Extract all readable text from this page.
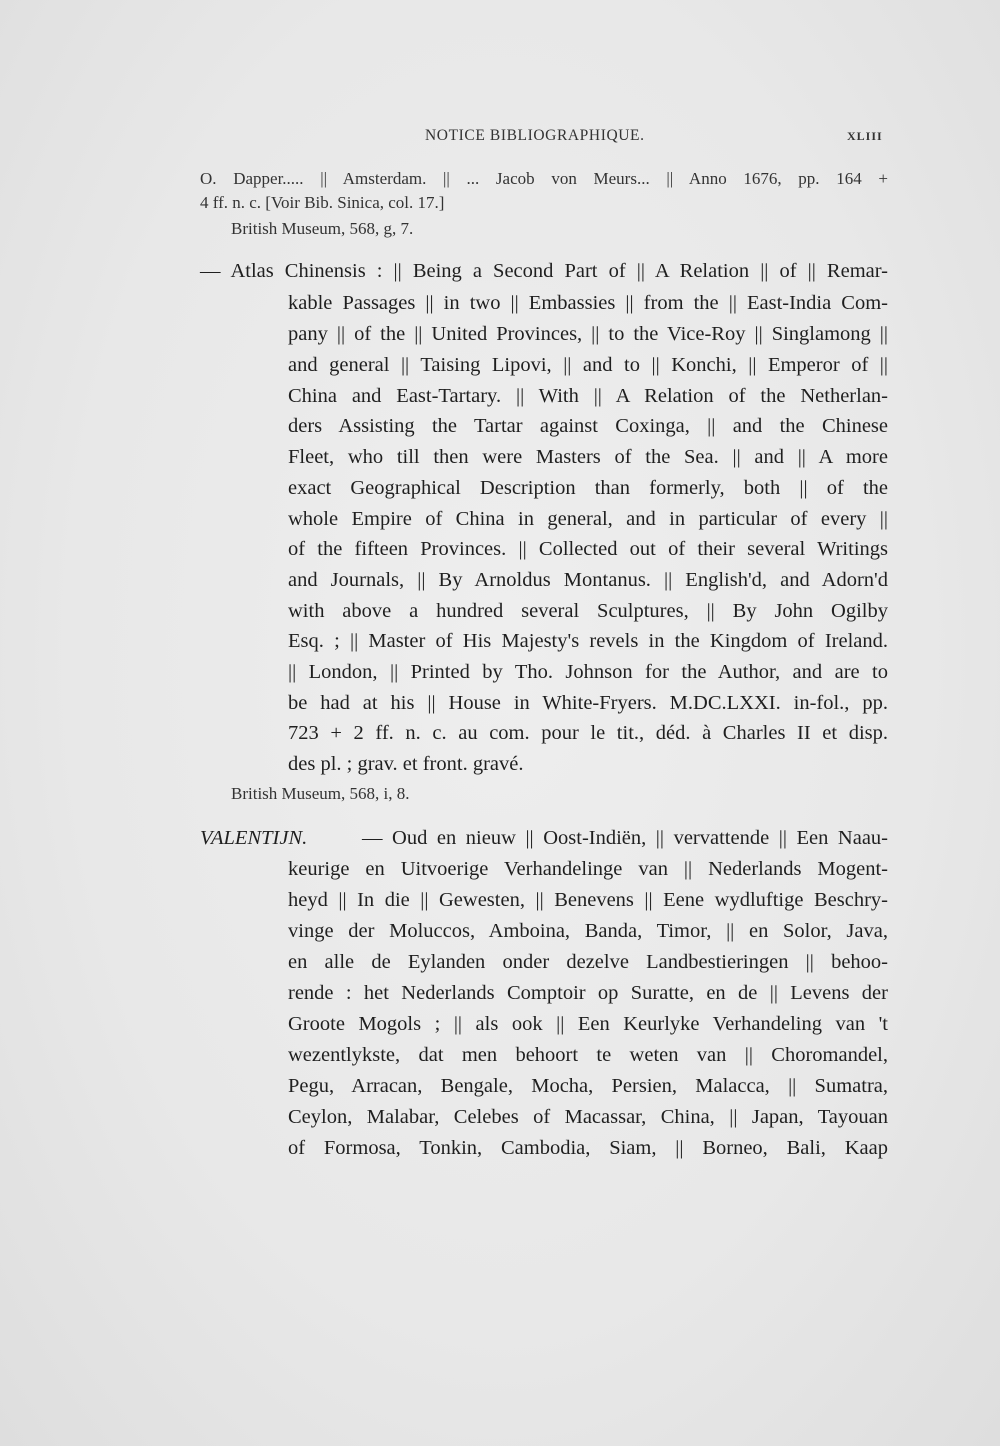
NOTICE BIBLIOGRAPHIQUE.	XLIII
O. Dapper..... || Amsterdam. || ... Jacob von Meurs... || Anno 1676, pp. 164 +
4 ff. n. c. [Voir Bib. Sinica, col. 17.]
British Museum, 568, g, 7.
— Atlas Chinensis : || Being a Second Part of || A Relation || of || Remar-
kable Passages || in two || Embassies || from the || East-India Com-
pany || of the || United Provinces, || to the Vice-Roy || Singlamong ||
and general || Taising Lipovi, || and to || Konchi, || Emperor of ||
China and East-Tartary. || With || A Relation of the Netherlan-
ders Assisting the Tartar against Coxinga, || and the Chinese
Fleet, who till then were Masters of the Sea. || and || A more
exact Geographical Description than formerly, both || of the
whole Empire of China in general, and in particular of every ||
of the fifteen Provinces. || Collected out of their several Writings
and Journals, || By Arnoldus Montanus. || English'd, and Adorn'd
with above a hundred several Sculptures, || By John Ogilby
Esq. ; || Master of His Majesty's revels in the Kingdom of Ireland.
|| London, || Printed by Tho. Johnson for the Author, and are to
be had at his || House in White-Fryers. M.DC.LXXI. in-fol., pp.
723 + 2 ff. n. c. au com. pour le tit., déd. à Charles II et disp.
des pl. ; grav. et front. gravé.
British Museum, 568, i, 8.
VALENTIJN.	— Oud en nieuw || Oost-Indiën, || vervattende || Een Naau-
keurige en Uitvoerige Verhandelinge van || Nederlands Mogent-
heyd || In die || Gewesten, || Benevens || Eene wydluftige Beschry-
vinge der Moluccos, Amboina, Banda, Timor, || en Solor, Java,
en alle de Eylanden onder dezelve Landbestieringen || behoo-
rende : het Nederlands Comptoir op Suratte, en de || Levens der
Groote Mogols ; || als ook || Een Keurlyke Verhandeling van 't
wezentlykste, dat men behoort te weten van || Choromandel,
Pegu, Arracan, Bengale, Mocha, Persien, Malacca, || Sumatra,
Ceylon, Malabar, Celebes of Macassar, China, || Japan, Tayouan
of Formosa, Tonkin, Cambodia, Siam, || Borneo, Bali, Kaap
